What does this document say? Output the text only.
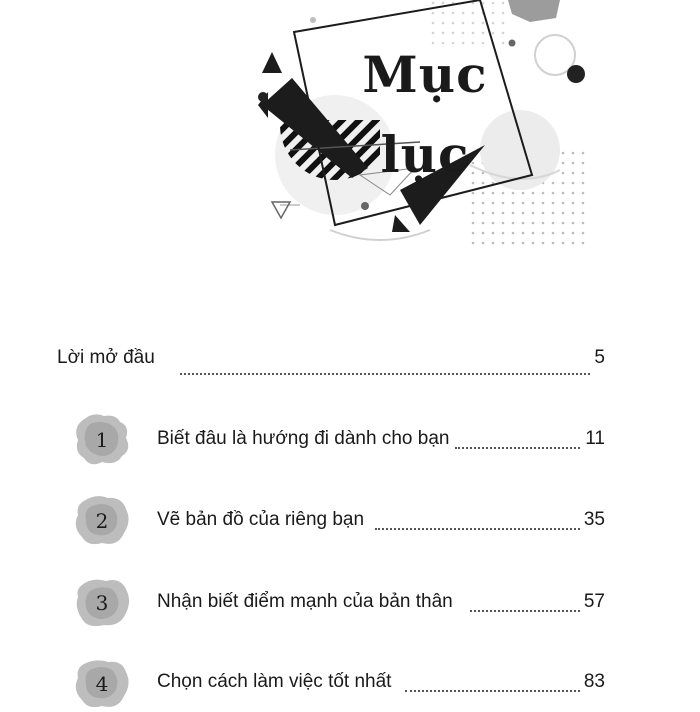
Mục lục
Lời mở đầu	5
1	Biết đâu là hướng đi dành cho bạn	11
2	Vẽ bản đồ của riêng bạn	35
3	Nhận biết điểm mạnh của bản thân	57
4	Chọn cách làm việc tốt nhất	83
